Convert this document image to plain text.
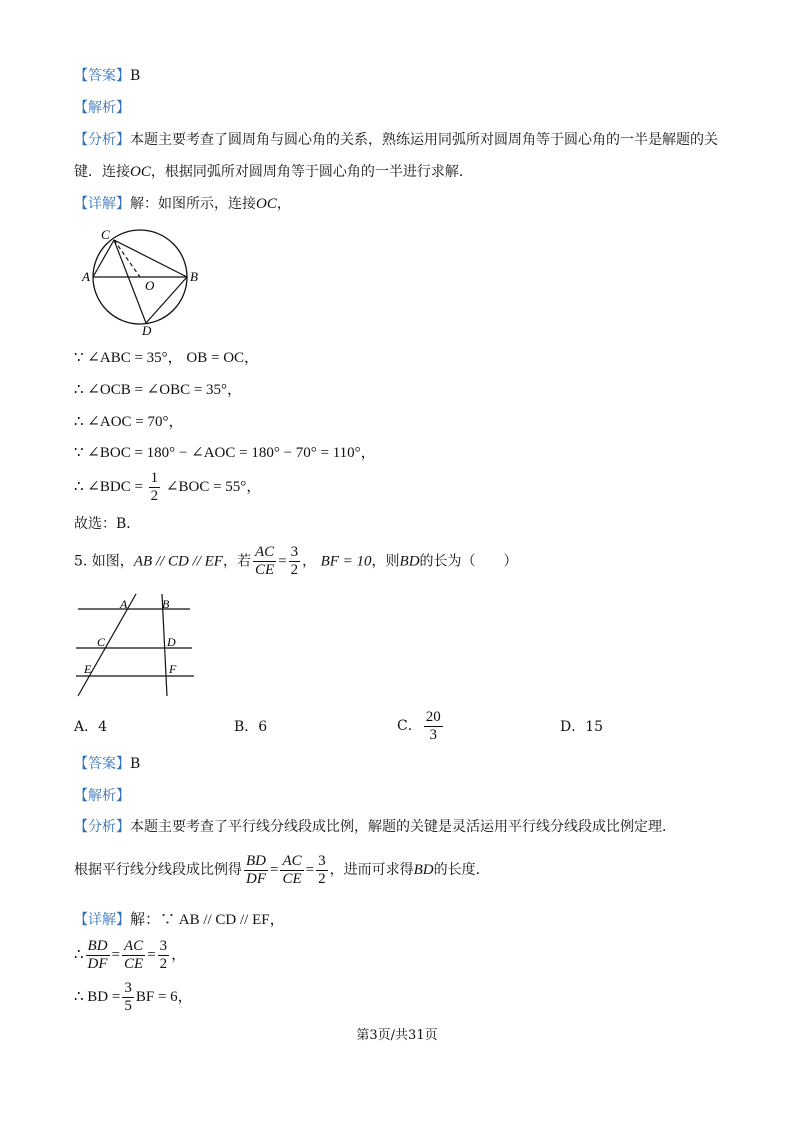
【答案】B
【解析】
【分析】本题主要考查了圆周角与圆心角的关系，熟练运用同弧所对圆周角等于圆心角的一半是解题的关
键．连接OC，根据同弧所对圆周角等于圆心角的一半进行求解．
【详解】解：如图所示，连接OC，
C
A
O
B
D
∵ ∠ABC = 35°， OB = OC，
∴ ∠OCB = ∠OBC = 35°，
∴ ∠AOC = 70°，
∵ ∠BOC = 180° − ∠AOC = 180° − 70° = 110°，
∴ ∠BDC = $\frac{1}{2}$ ∠BOC = 55°，
故选：B．
5. 如图，AB // CD // EF，若 $\frac{AC}{CE} = \frac{3}{2}$ ， BF = 10，则BD的长为（　　）
A	B
C	D
E	F
A．4	B．6	C． $\frac{20}{3}$	D．15
【答案】B
【解析】
【分析】本题主要考查了平行线分线段成比例，解题的关键是灵活运用平行线分线段成比例定理．
根据平行线分线段成比例得 $\frac{BD}{DF} = \frac{AC}{CE} = \frac{3}{2}$ ，进而可求得BD的长度．
【详解】解：∵ AB // CD // EF，
∴ $\frac{BD}{DF} = \frac{AC}{CE} = \frac{3}{2}$ ，
∴ BD = $\frac{3}{5}$ BF = 6，
第3页/共31页
